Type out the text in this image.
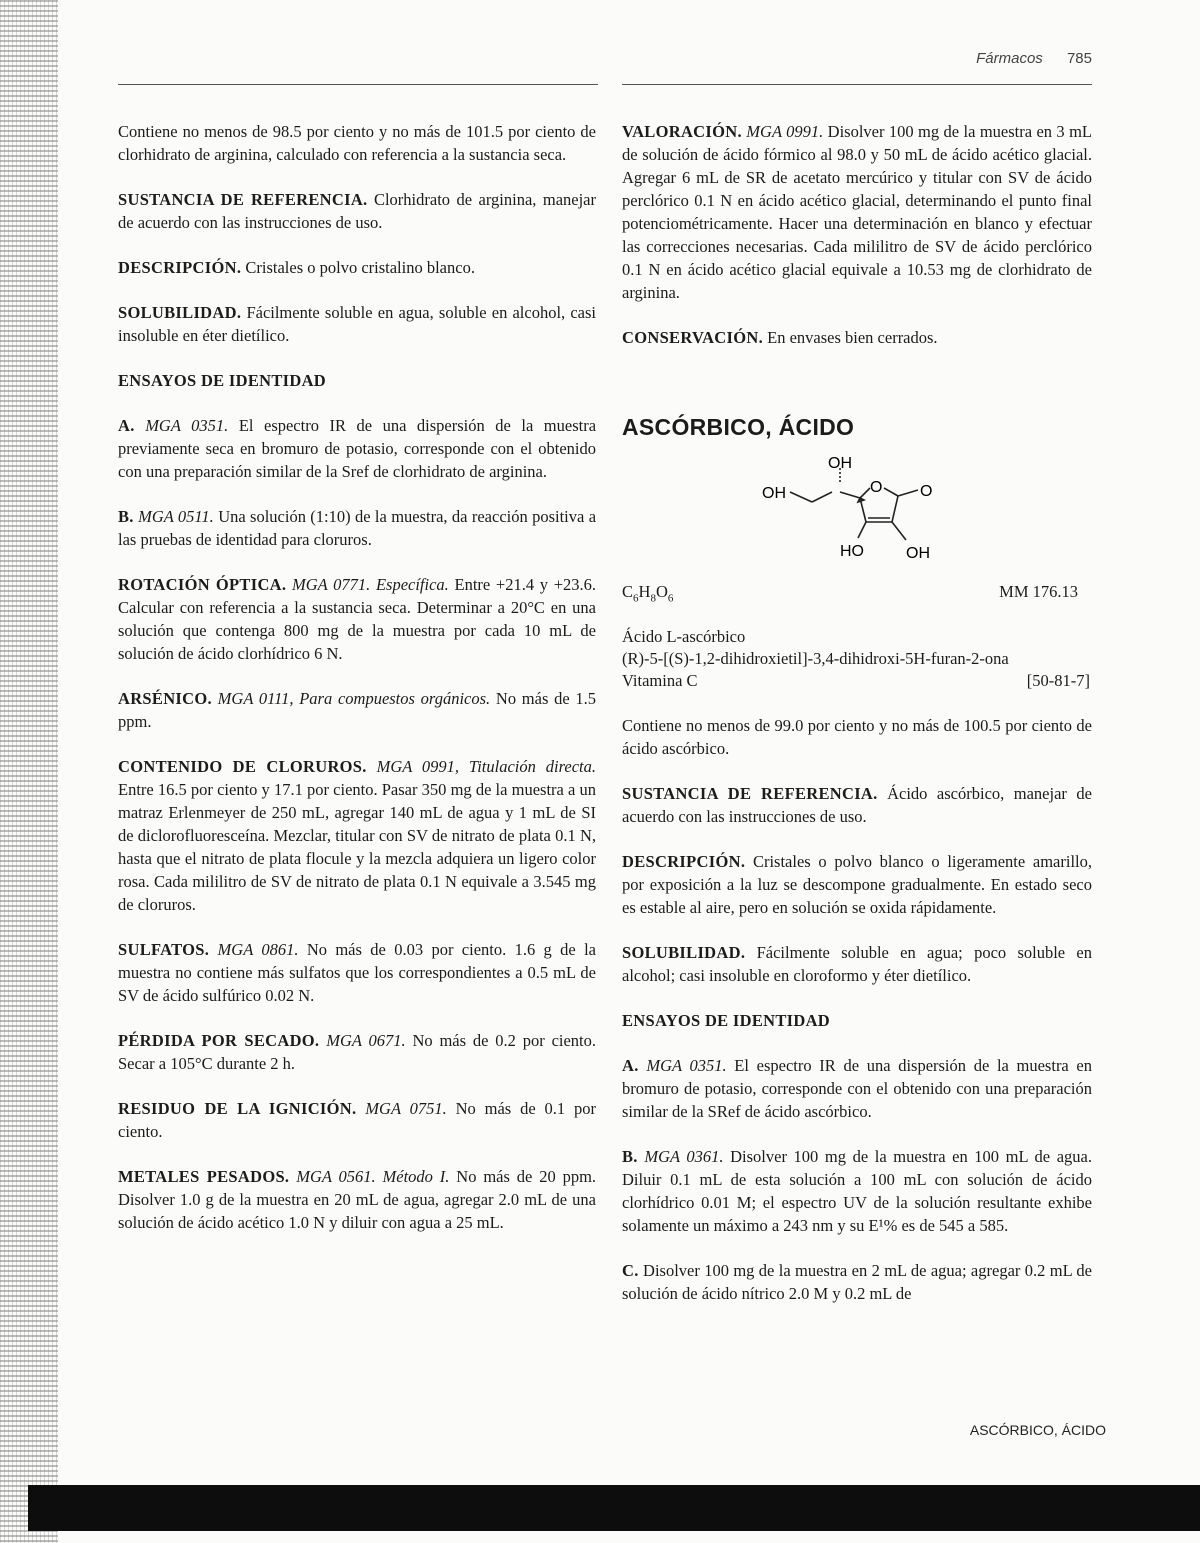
Fármacos 785

Contiene no menos de 98.5 por ciento y no más de 101.5 por ciento de clorhidrato de arginina, calculado con referencia a la sustancia seca.

SUSTANCIA DE REFERENCIA. Clorhidrato de arginina, manejar de acuerdo con las instrucciones de uso.

DESCRIPCIÓN. Cristales o polvo cristalino blanco.

SOLUBILIDAD. Fácilmente soluble en agua, soluble en alcohol, casi insoluble en éter dietílico.

ENSAYOS DE IDENTIDAD

A. MGA 0351. El espectro IR de una dispersión de la muestra previamente seca en bromuro de potasio, corresponde con el obtenido con una preparación similar de la Sref de clorhidrato de arginina.

B. MGA 0511. Una solución (1:10) de la muestra, da reacción positiva a las pruebas de identidad para cloruros.

ROTACIÓN ÓPTICA. MGA 0771. Específica. Entre +21.4 y +23.6. Calcular con referencia a la sustancia seca. Determinar a 20°C en una solución que contenga 800 mg de la muestra por cada 10 mL de solución de ácido clorhídrico 6 N.

ARSÉNICO. MGA 0111, Para compuestos orgánicos. No más de 1.5 ppm.

CONTENIDO DE CLORUROS. MGA 0991, Titulación directa. Entre 16.5 por ciento y 17.1 por ciento. Pasar 350 mg de la muestra a un matraz Erlenmeyer de 250 mL, agregar 140 mL de agua y 1 mL de SI de diclorofluoresceína. Mezclar, titular con SV de nitrato de plata 0.1 N, hasta que el nitrato de plata flocule y la mezcla adquiera un ligero color rosa. Cada mililitro de SV de nitrato de plata 0.1 N equivale a 3.545 mg de cloruros.

SULFATOS. MGA 0861. No más de 0.03 por ciento. 1.6 g de la muestra no contiene más sulfatos que los correspondientes a 0.5 mL de SV de ácido sulfúrico 0.02 N.

PÉRDIDA POR SECADO. MGA 0671. No más de 0.2 por ciento. Secar a 105°C durante 2 h.

RESIDUO DE LA IGNICIÓN. MGA 0751. No más de 0.1 por ciento.

METALES PESADOS. MGA 0561. Método I. No más de 20 ppm. Disolver 1.0 g de la muestra en 20 mL de agua, agregar 2.0 mL de una solución de ácido acético 1.0 N y diluir con agua a 25 mL.

VALORACIÓN. MGA 0991. Disolver 100 mg de la muestra en 3 mL de solución de ácido fórmico al 98.0 y 50 mL de ácido acético glacial. Agregar 6 mL de SR de acetato mercúrico y titular con SV de ácido perclórico 0.1 N en ácido acético glacial, determinando el punto final potenciométricamente. Hacer una determinación en blanco y efectuar las correcciones necesarias. Cada mililitro de SV de ácido perclórico 0.1 N en ácido acético glacial equivale a 10.53 mg de clorhidrato de arginina.

CONSERVACIÓN. En envases bien cerrados.

ASCÓRBICO, ÁCIDO
OH
OH	O O
HO	OH
$C_6H_8O_6$	MM 176.13
Ácido L-ascórbico
(R)-5-[(S)-1,2-dihidroxietil]-3,4-dihidroxi-5H-furan-2-ona
Vitamina C	[50-81-7]

Contiene no menos de 99.0 por ciento y no más de 100.5 por ciento de ácido ascórbico.

SUSTANCIA DE REFERENCIA. Ácido ascórbico, manejar de acuerdo con las instrucciones de uso.

DESCRIPCIÓN. Cristales o polvo blanco o ligeramente amarillo, por exposición a la luz se descompone gradualmente. En estado seco es estable al aire, pero en solución se oxida rápidamente.

SOLUBILIDAD. Fácilmente soluble en agua; poco soluble en alcohol; casi insoluble en cloroformo y éter dietílico.

ENSAYOS DE IDENTIDAD

A. MGA 0351. El espectro IR de una dispersión de la muestra en bromuro de potasio, corresponde con el obtenido con una preparación similar de la SRef de ácido ascórbico.

B. MGA 0361. Disolver 100 mg de la muestra en 100 mL de agua. Diluir 0.1 mL de esta solución a 100 mL con solución de ácido clorhídrico 0.01 M; el espectro UV de la solución resultante exhibe solamente un máximo a 243 nm y su E¹% es de 545 a 585.

C. Disolver 100 mg de la muestra en 2 mL de agua; agregar 0.2 mL de solución de ácido nítrico 2.0 M y 0.2 mL de

ASCÓRBICO, ÁCIDO
